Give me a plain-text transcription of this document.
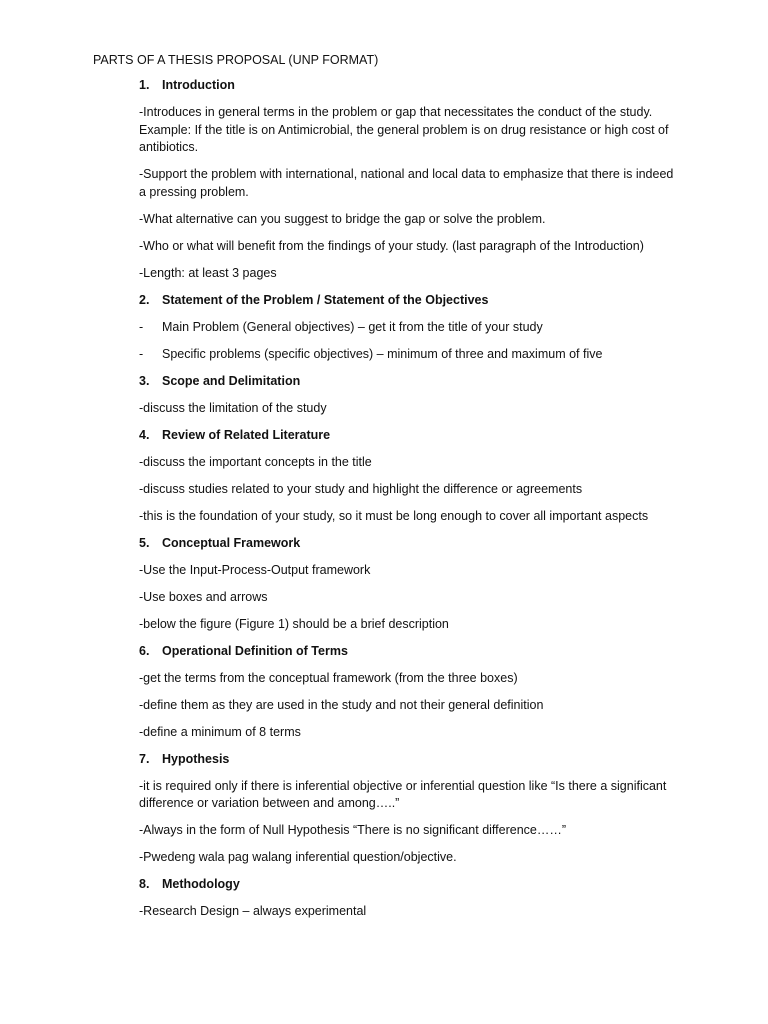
PARTS OF A THESIS PROPOSAL (UNP FORMAT)
1. Introduction
-Introduces in general terms in the problem or gap that necessitates the conduct of the study. Example: If the title is on Antimicrobial, the general problem is on drug resistance or high cost of antibiotics.
-Support the problem with international, national and local data to emphasize that there is indeed a pressing problem.
-What alternative can you suggest to bridge the gap or solve the problem.
-Who or what will benefit from the findings of your study. (last paragraph of the Introduction)
-Length: at least 3 pages
2. Statement of the Problem / Statement of the Objectives
- Main Problem (General objectives) – get it from the title of your study
- Specific problems (specific objectives) – minimum of three and maximum of five
3. Scope and Delimitation
-discuss the limitation of the study
4. Review of Related Literature
-discuss the important concepts in the title
-discuss studies related to your study and highlight the difference or agreements
-this is the foundation of your study, so it must be long enough to cover all important aspects
5. Conceptual Framework
-Use the Input-Process-Output framework
-Use boxes and arrows
-below the figure (Figure 1) should be a brief description
6. Operational Definition of Terms
-get the terms from the conceptual framework (from the three boxes)
-define them as they are used in the study and not their general definition
-define a minimum of 8 terms
7. Hypothesis
-it is required only if there is inferential objective or inferential question like “Is there a significant difference or variation between and among…..”
-Always in the form of Null Hypothesis “There is no significant difference……”
-Pwedeng wala pag walang inferential question/objective.
8. Methodology
-Research Design – always experimental
